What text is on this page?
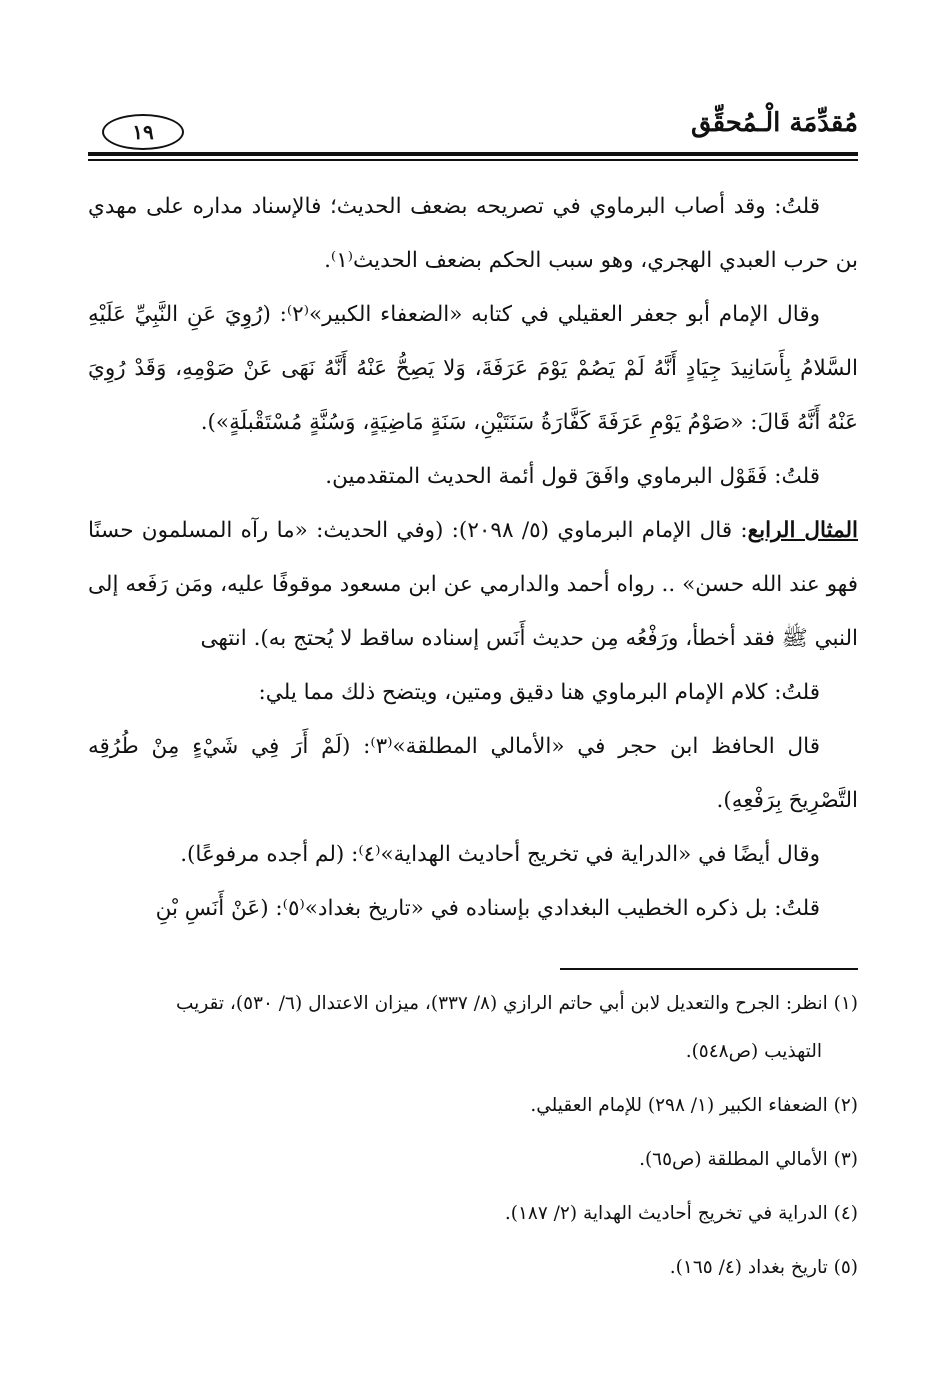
مُقدِّمَة الْـمُحقِّق
١٩

قلتُ: وقد أصاب البرماوي في تصريحه بضعف الحديث؛ فالإسناد مداره على مهدي بن حرب العبدي الهجري، وهو سبب الحكم بضعف الحديث⁽١⁾.

وقال الإمام أبو جعفر العقيلي في كتابه «الضعفاء الكبير»⁽٢⁾: (رُوِيَ عَنِ النَّبِيِّ عَلَيْهِ السَّلامُ بِأَسَانِيدَ جِيَادٍ أَنَّهُ لَمْ يَصُمْ يَوْمَ عَرَفَةَ، وَلا يَصِحُّ عَنْهُ أَنَّهُ نَهَى عَنْ صَوْمِهِ، وَقَدْ رُوِيَ عَنْهُ أَنَّهُ قَالَ: «صَوْمُ يَوْمِ عَرَفَةَ كَفَّارَةُ سَنَتَيْنِ، سَنَةٍ مَاضِيَةٍ، وَسُنَّةٍ مُسْتَقْبلَةٍ»).

قلتُ: فَقَوْل البرماوي وافَقَ قول أئمة الحديث المتقدمين.

المثال الرابع: قال الإمام البرماوي (٥/ ٢٠٩٨): (وفي الحديث: «ما رآه المسلمون حسنًا فهو عند الله حسن» .. رواه أحمد والدارمي عن ابن مسعود موقوفًا عليه، ومَن رَفَعه إلى النبي ﷺ فقد أخطأ، ورَفْعُه مِن حديث أَنَس إسناده ساقط لا يُحتج به). انتهى

قلتُ: كلام الإمام البرماوي هنا دقيق ومتين، ويتضح ذلك مما يلي:

قال الحافظ ابن حجر في «الأمالي المطلقة»⁽٣⁾: (لَمْ أَرَ فِي شَيْءٍ مِنْ طُرُقِه التَّصْرِيحَ بِرَفْعِهِ).

وقال أيضًا في «الدراية في تخريج أحاديث الهداية»⁽٤⁾: (لم أجده مرفوعًا).

قلتُ: بل ذكره الخطيب البغدادي بإسناده في «تاريخ بغداد»⁽٥⁾: (عَنْ أَنَسِ بْنِ

(١) انظر: الجرح والتعديل لابن أبي حاتم الرازي (٨/ ٣٣٧)، ميزان الاعتدال (٦/ ٥٣٠)، تقريب
التهذيب (ص٥٤٨).

(٢) الضعفاء الكبير (١/ ٢٩٨) للإمام العقيلي.

(٣) الأمالي المطلقة (ص٦٥).

(٤) الدراية في تخريج أحاديث الهداية (٢/ ١٨٧).

(٥) تاريخ بغداد (٤/ ١٦٥).
